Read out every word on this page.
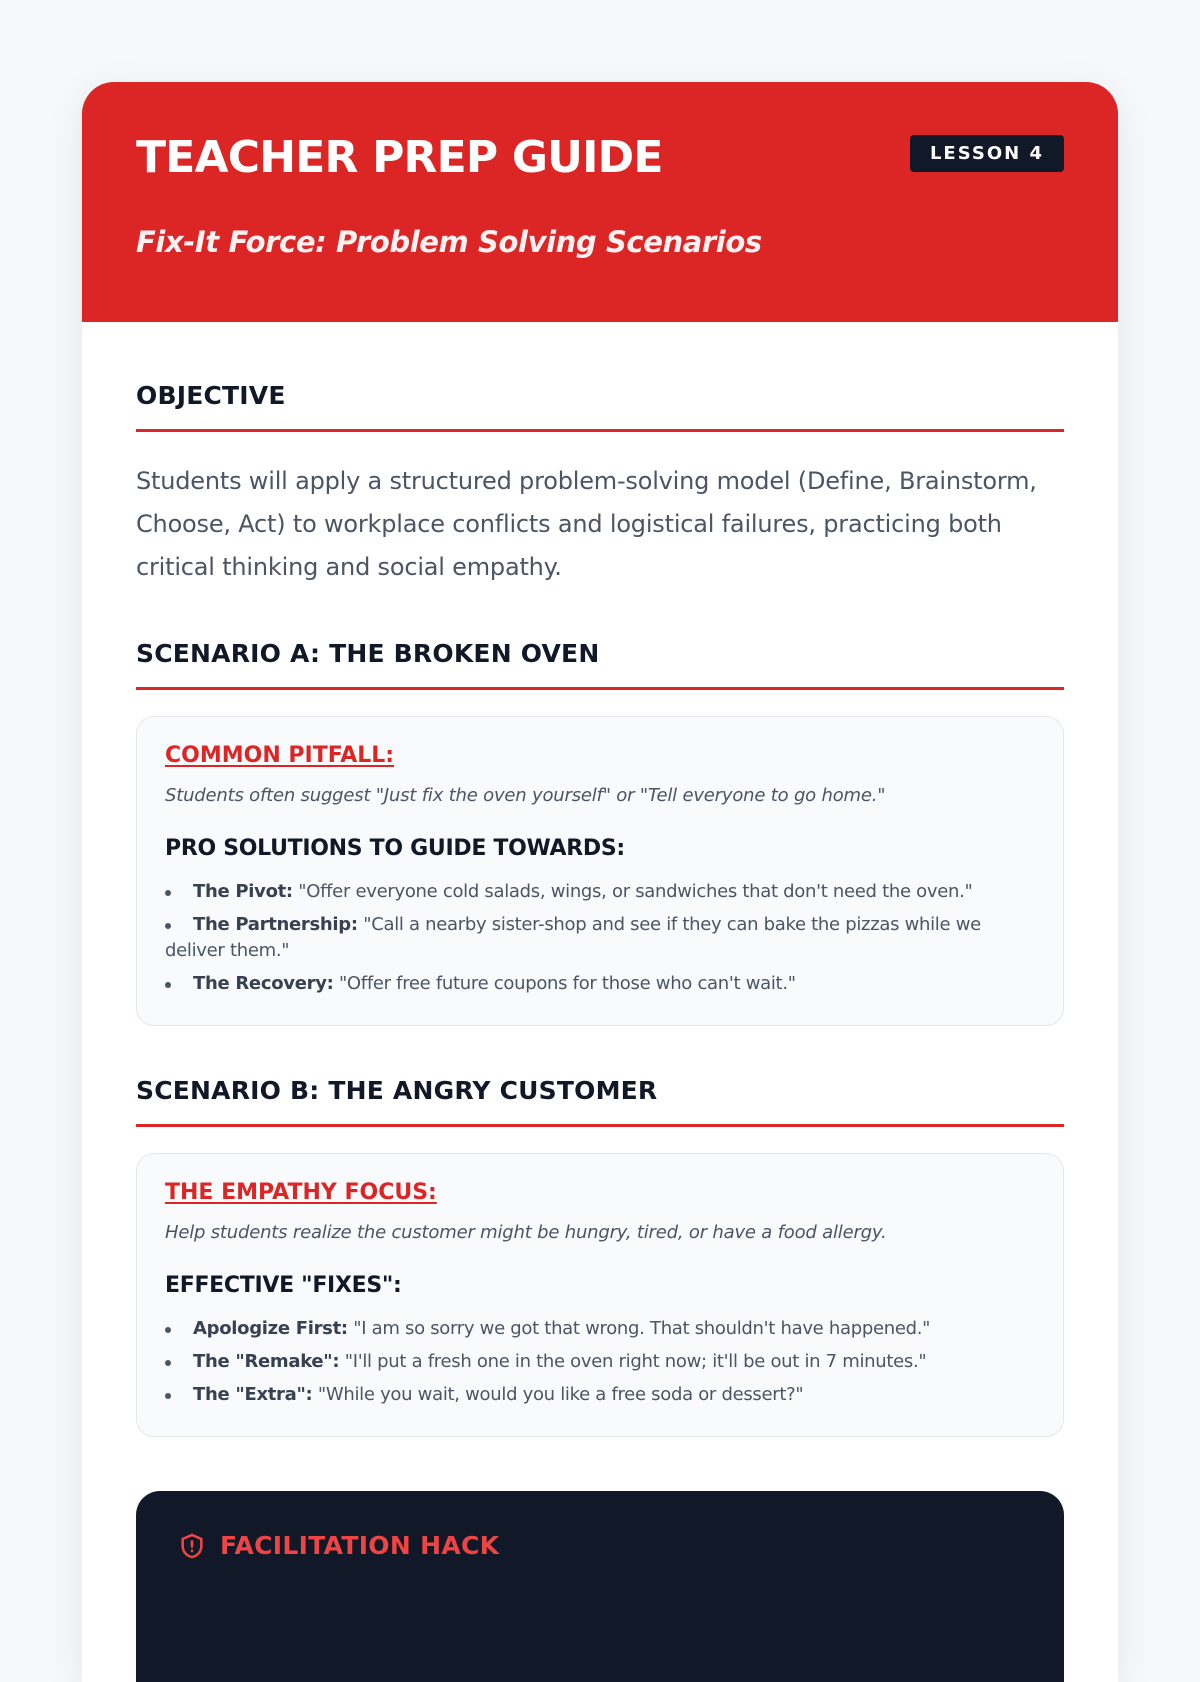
TEACHER PREP GUIDE	LESSON 4

Fix-It Force: Problem Solving Scenarios

OBJECTIVE

Students will apply a structured problem-solving model (Define, Brainstorm, Choose, Act) to workplace conflicts and logistical failures, practicing both critical thinking and social empathy.

SCENARIO A: THE BROKEN OVEN

COMMON PITFALL:

Students often suggest "Just fix the oven yourself" or "Tell everyone to go home."

PRO SOLUTIONS TO GUIDE TOWARDS:

The Pivot: "Offer everyone cold salads, wings, or sandwiches that don't need the oven."
The Partnership: "Call a nearby sister-shop and see if they can bake the pizzas while we deliver them."
The Recovery: "Offer free future coupons for those who can't wait."
SCENARIO B: THE ANGRY CUSTOMER

THE EMPATHY FOCUS:

Help students realize the customer might be hungry, tired, or have a food allergy.

EFFECTIVE "FIXES":

Apologize First: "I am so sorry we got that wrong. That shouldn't have happened."
The "Remake": "I'll put a fresh one in the oven right now; it'll be out in 7 minutes."
The "Extra": "While you wait, would you like a free soda or dessert?"
FACILITATION HACK
